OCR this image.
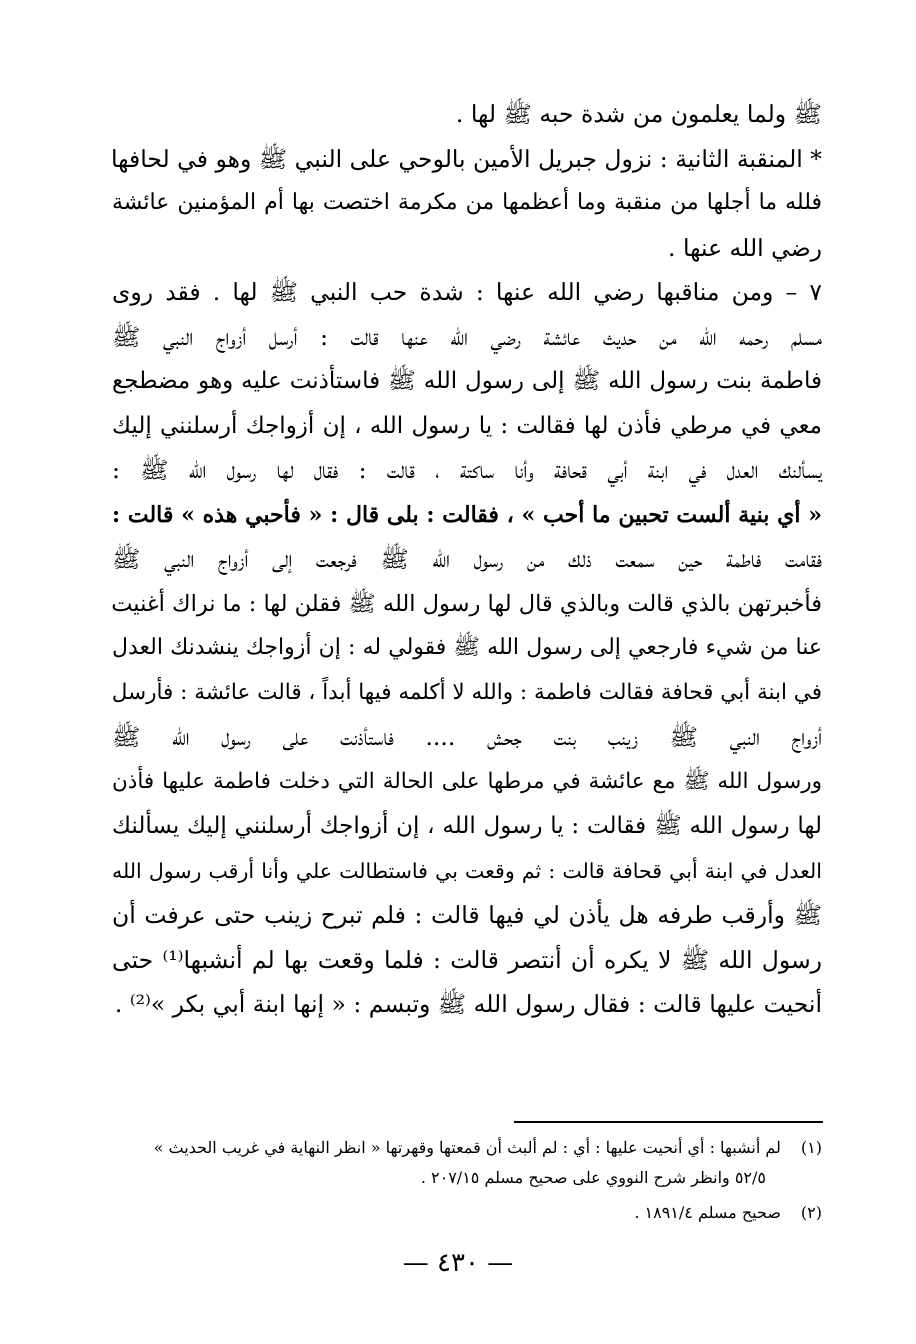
ﷺ ولما يعلمون من شدة حبه ﷺ لها .
* المنقبة الثانية : نزول جبريل الأمين بالوحي على النبي ﷺ وهو في لحافها
فلله ما أجلها من منقبة وما أعظمها من مكرمة اختصت بها أم المؤمنين عائشة
رضي الله عنها .
٧ – ومن مناقبها رضي الله عنها : شدة حب النبي ﷺ لها . فقد روى
مسلم رحمه الله من حديث عائشة رضي الله عنها قالت : أرسل أزواج النبي ﷺ
فاطمة بنت رسول الله ﷺ إلى رسول الله ﷺ فاستأذنت عليه وهو مضطجع
معي في مرطي فأذن لها فقالت : يا رسول الله ، إن أزواجك أرسلنني إليك
يسألنك العدل في ابنة أبي قحافة وأنا ساكتة ، قالت : فقال لها رسول الله ﷺ :
« أي بنية ألست تحبين ما أحب » ، فقالت : بلى قال : « فأحبي هذه » قالت :
فقامت فاطمة حين سمعت ذلك من رسول الله ﷺ فرجعت إلى أزواج النبي ﷺ
فأخبرتهن بالذي قالت وبالذي قال لها رسول الله ﷺ فقلن لها : ما نراك أغنيت
عنا من شيء فارجعي إلى رسول الله ﷺ فقولي له : إن أزواجك ينشدنك العدل
في ابنة أبي قحافة فقالت فاطمة : والله لا أكلمه فيها أبداً ، قالت عائشة : فأرسل
أزواج النبي ﷺ زينب بنت جحش .... فاستأذنت على رسول الله ﷺ
ورسول الله ﷺ مع عائشة في مرطها على الحالة التي دخلت فاطمة عليها فأذن
لها رسول الله ﷺ فقالت : يا رسول الله ، إن أزواجك أرسلنني إليك يسألنك
العدل في ابنة أبي قحافة قالت : ثم وقعت بي فاستطالت علي وأنا أرقب رسول الله
ﷺ وأرقب طرفه هل يأذن لي فيها قالت : فلم تبرح زينب حتى عرفت أن
رسول الله ﷺ لا يكره أن أنتصر قالت : فلما وقعت بها لم أنشبها⁽¹⁾ حتى
أنحيت عليها قالت : فقال رسول الله ﷺ وتبسم : « إنها ابنة أبي بكر »⁽²⁾ .
(١) لم أنشبها : أي أنحيت عليها : أي : لم ألبث أن قمعتها وقهرتها « انظر النهاية في غريب الحديث »
٥٢/٥ وانظر شرح النووي على صحيح مسلم ٢٠٧/١٥ .
(٢) صحيح مسلم ١٨٩١/٤ .
— ٤٣٠ —
